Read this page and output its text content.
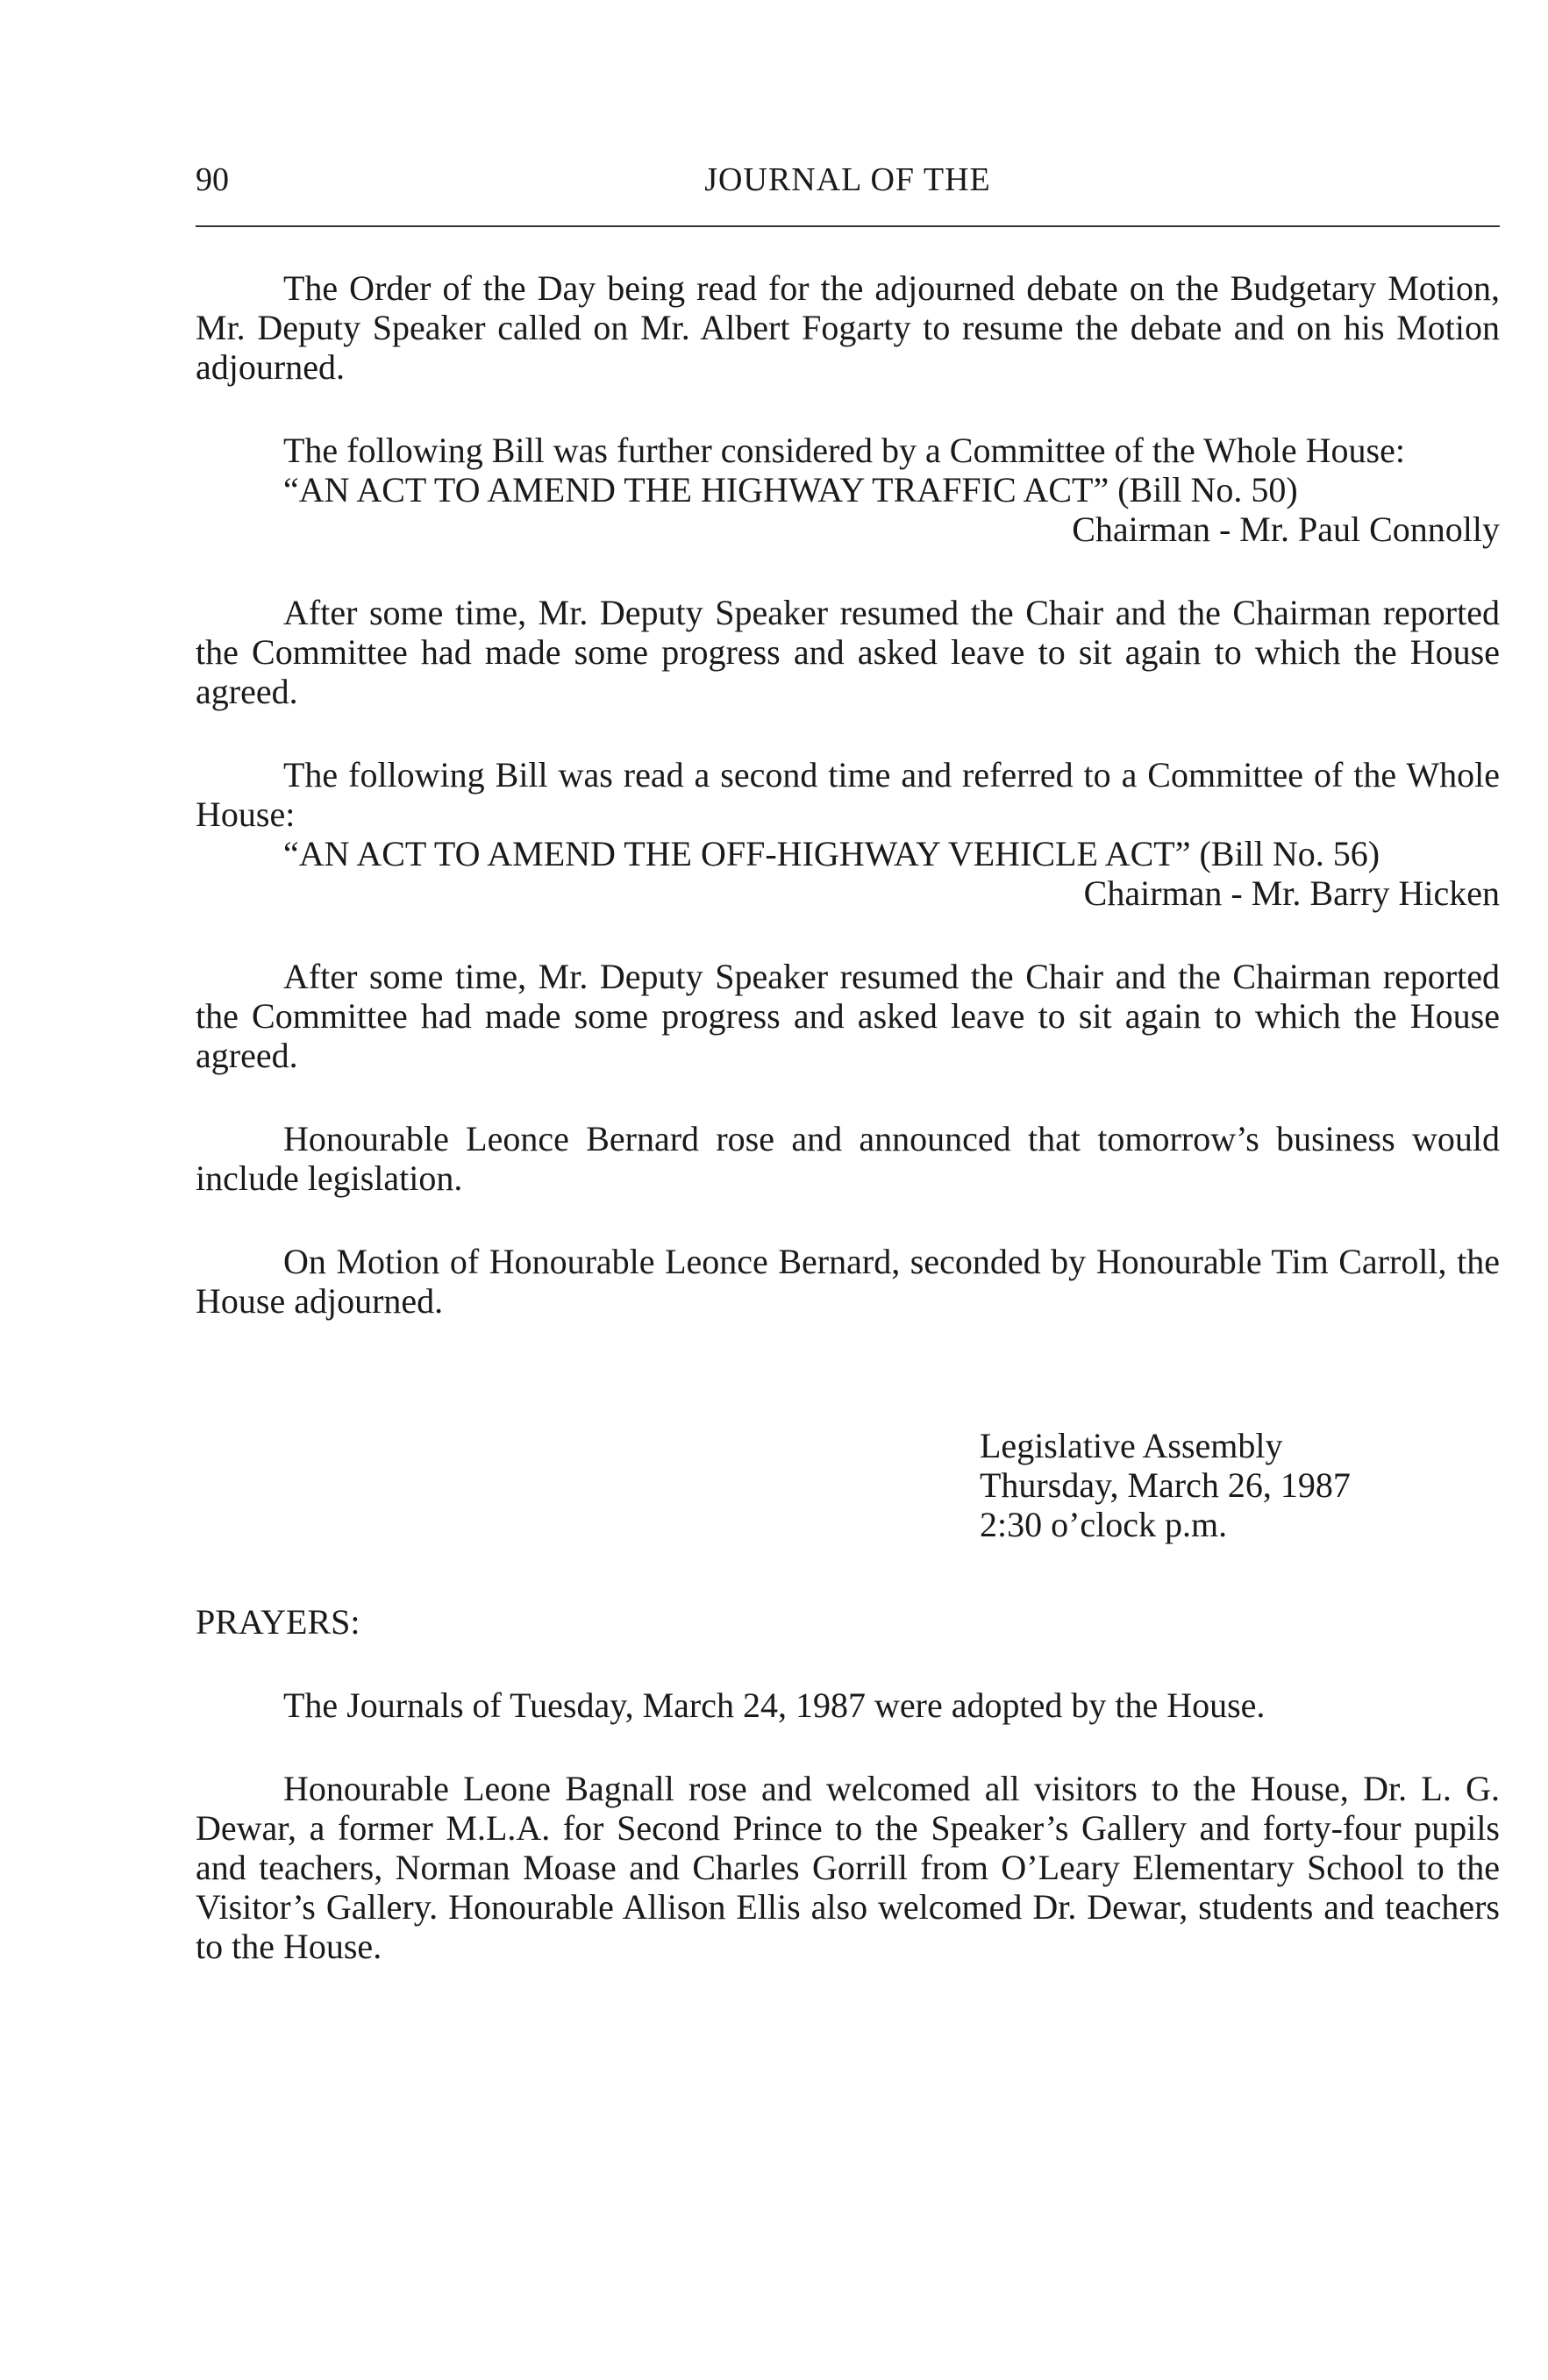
90	JOURNAL OF THE

The Order of the Day being read for the adjourned debate on the Budgetary Motion, Mr. Deputy Speaker called on Mr. Albert Fogarty to resume the debate and on his Motion adjourned.

The following Bill was further considered by a Committee of the Whole House:

“AN ACT TO AMEND THE HIGHWAY TRAFFIC ACT” (Bill No. 50)

Chairman - Mr. Paul Connolly

After some time, Mr. Deputy Speaker resumed the Chair and the Chairman reported the Committee had made some progress and asked leave to sit again to which the House agreed.

The following Bill was read a second time and referred to a Committee of the Whole House:

“AN ACT TO AMEND THE OFF-HIGHWAY VEHICLE ACT” (Bill No. 56)

Chairman - Mr. Barry Hicken

After some time, Mr. Deputy Speaker resumed the Chair and the Chairman reported the Committee had made some progress and asked leave to sit again to which the House agreed.

Honourable Leonce Bernard rose and announced that tomorrow’s business would include legislation.

On Motion of Honourable Leonce Bernard, seconded by Honourable Tim Carroll, the House adjourned.

Legislative Assembly
Thursday, March 26, 1987
2:30 o’clock p.m.

PRAYERS:

The Journals of Tuesday, March 24, 1987 were adopted by the House.

Honourable Leone Bagnall rose and welcomed all visitors to the House, Dr. L. G. Dewar, a former M.L.A. for Second Prince to the Speaker’s Gallery and forty-four pupils and teachers, Norman Moase and Charles Gorrill from O’Leary Elementary School to the Visitor’s Gallery. Honourable Allison Ellis also welcomed Dr. Dewar, students and teachers to the House.
